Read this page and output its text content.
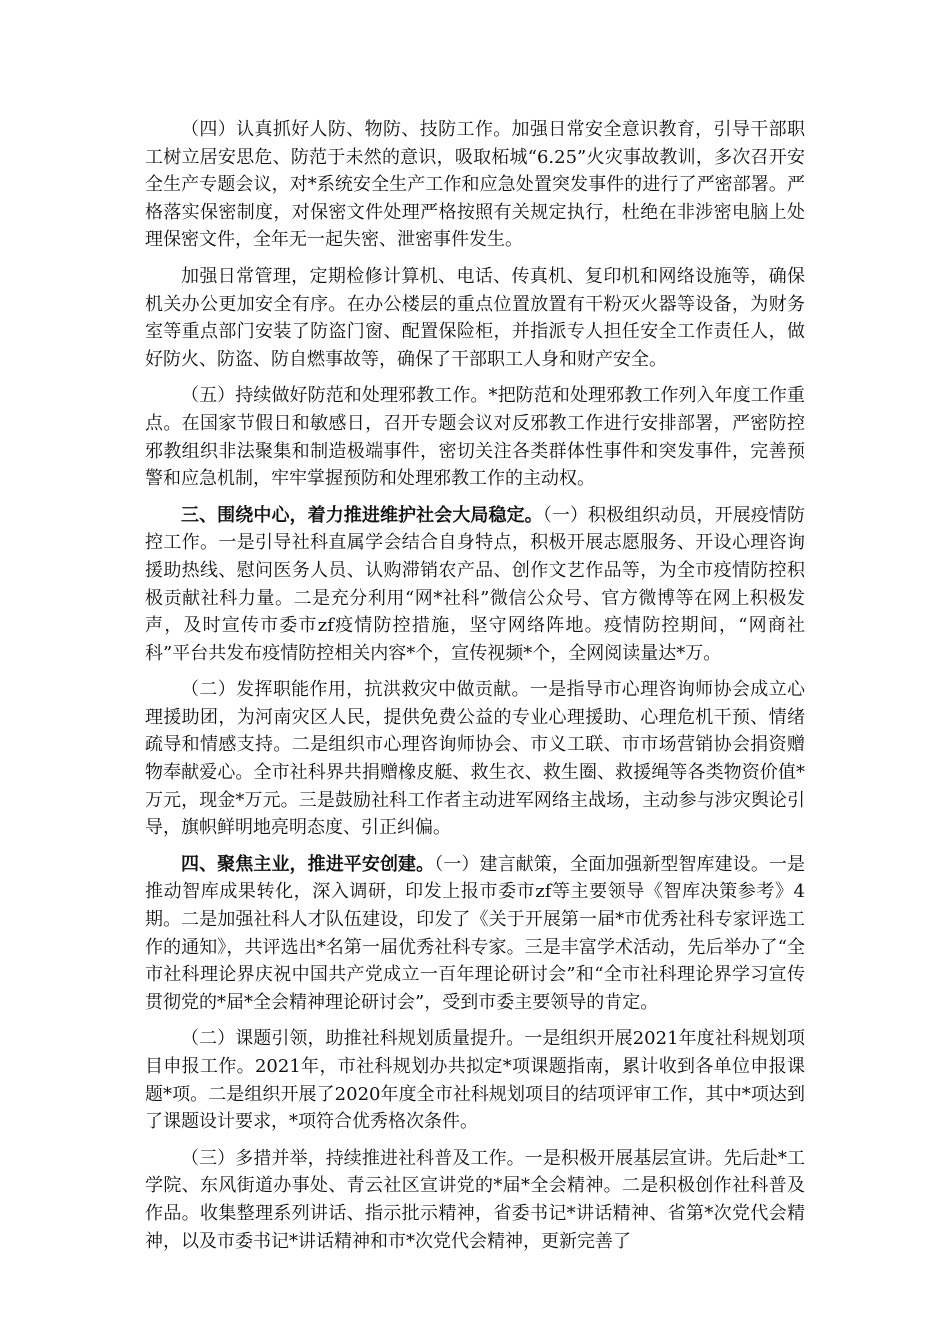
（四）认真抓好人防、物防、技防工作。加强日常安全意识教育，引导干部职工树立居安思危、防范于未然的意识，吸取柘城“6.25”火灾事故教训，多次召开安全生产专题会议，对*系统安全生产工作和应急处置突发事件的进行了严密部署。严格落实保密制度，对保密文件处理严格按照有关规定执行，杜绝在非涉密电脑上处理保密文件，全年无一起失密、泄密事件发生。

加强日常管理，定期检修计算机、电话、传真机、复印机和网络设施等，确保机关办公更加安全有序。在办公楼层的重点位置放置有干粉灭火器等设备，为财务室等重点部门安装了防盗门窗、配置保险柜，并指派专人担任安全工作责任人，做好防火、防盗、防自燃事故等，确保了干部职工人身和财产安全。

（五）持续做好防范和处理邪教工作。*把防范和处理邪教工作列入年度工作重点。在国家节假日和敏感日，召开专题会议对反邪教工作进行安排部署，严密防控邪教组织非法聚集和制造极端事件，密切关注各类群体性事件和突发事件，完善预警和应急机制，牢牢掌握预防和处理邪教工作的主动权。

三、围绕中心，着力推进维护社会大局稳定。（一）积极组织动员，开展疫情防控工作。一是引导社科直属学会结合自身特点，积极开展志愿服务、开设心理咨询援助热线、慰问医务人员、认购滞销农产品、创作文艺作品等，为全市疫情防控积极贡献社科力量。二是充分利用“网*社科”微信公众号、官方微博等在网上积极发声，及时宣传市委市zf疫情防控措施，坚守网络阵地。疫情防控期间，“网商社科”平台共发布疫情防控相关内容*个，宣传视频*个，全网阅读量达*万。

（二）发挥职能作用，抗洪救灾中做贡献。一是指导市心理咨询师协会成立心理援助团，为河南灾区人民，提供免费公益的专业心理援助、心理危机干预、情绪疏导和情感支持。二是组织市心理咨询师协会、市义工联、市市场营销协会捐资赠物奉献爱心。全市社科界共捐赠橡皮艇、救生衣、救生圈、救援绳等各类物资价值*万元，现金*万元。三是鼓励社科工作者主动进军网络主战场，主动参与涉灾舆论引导，旗帜鲜明地亮明态度、引正纠偏。

四、聚焦主业，推进平安创建。（一）建言献策，全面加强新型智库建设。一是推动智库成果转化，深入调研，印发上报市委市zf等主要领导《智库决策参考》4期。二是加强社科人才队伍建设，印发了《关于开展第一届*市优秀社科专家评选工作的通知》，共评选出*名第一届优秀社科专家。三是丰富学术活动，先后举办了“全市社科理论界庆祝中国共产党成立一百年理论研讨会”和“全市社科理论界学习宣传贯彻党的*届*全会精神理论研讨会”，受到市委主要领导的肯定。

（二）课题引领，助推社科规划质量提升。一是组织开展2021年度社科规划项目申报工作。2021年，市社科规划办共拟定*项课题指南，累计收到各单位申报课题*项。二是组织开展了2020年度全市社科规划项目的结项评审工作，其中*项达到了课题设计要求，*项符合优秀格次条件。

（三）多措并举，持续推进社科普及工作。一是积极开展基层宣讲。先后赴*工学院、东风街道办事处、青云社区宣讲党的*届*全会精神。二是积极创作社科普及作品。收集整理系列讲话、指示批示精神，省委书记*讲话精神、省第*次党代会精神，以及市委书记*讲话精神和市*次党代会精神，更新完善了
